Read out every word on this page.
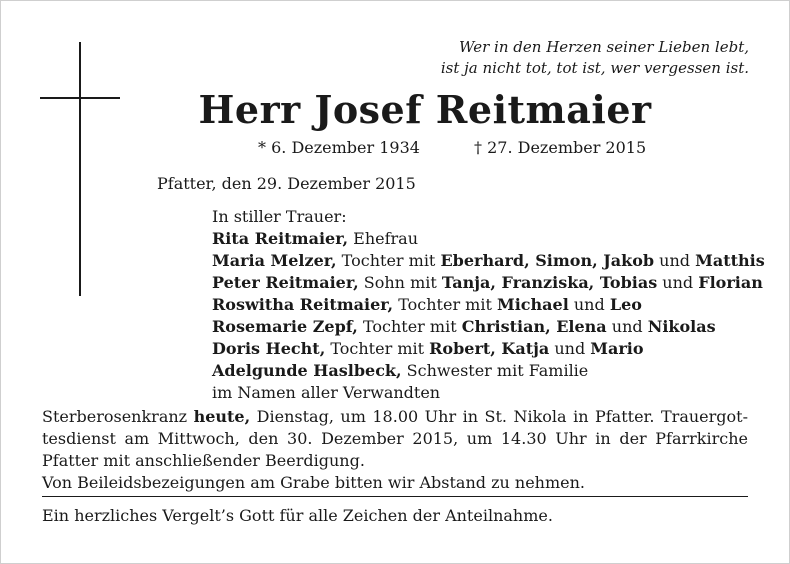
Wer in den Herzen seiner Lieben lebt,
ist ja nicht tot, tot ist, wer vergessen ist.
Herr Josef Reitmaier
* 6. Dezember 1934	† 27. Dezember 2015
Pfatter, den 29. Dezember 2015
In stiller Trauer:
Rita Reitmaier, Ehefrau
Maria Melzer, Tochter mit Eberhard, Simon, Jakob und Matthis
Peter Reitmaier, Sohn mit Tanja, Franziska, Tobias und Florian
Roswitha Reitmaier, Tochter mit Michael und Leo
Rosemarie Zepf, Tochter mit Christian, Elena und Nikolas
Doris Hecht, Tochter mit Robert, Katja und Mario
Adelgunde Haslbeck, Schwester mit Familie
im Namen aller Verwandten
Sterberosenkranz heute, Dienstag, um 18.00 Uhr in St. Nikola in Pfatter. Trauergot-
tesdienst am Mittwoch, den 30. Dezember 2015, um 14.30 Uhr in der Pfarrkirche
Pfatter mit anschließender Beerdigung.
Von Beileidsbezeigungen am Grabe bitten wir Abstand zu nehmen.
Ein herzliches Vergelt’s Gott für alle Zeichen der Anteilnahme.
